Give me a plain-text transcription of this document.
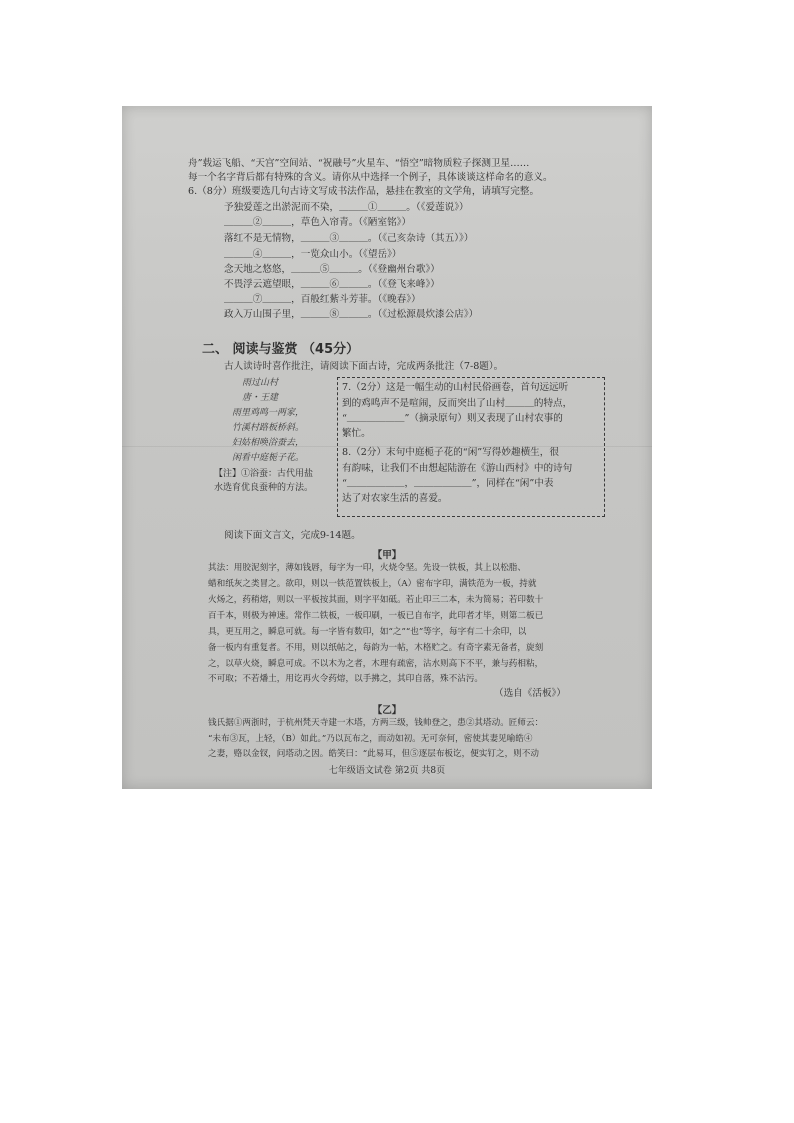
舟”载运飞船、“天宫”空间站、“祝融号”火星车、“悟空”暗物质粒子探测卫星……
每一个名字背后都有特殊的含义。请你从中选择一个例子，具体谈谈这样命名的意义。
6.（8分）班级要选几句古诗文写成书法作品，悬挂在教室的文学角，请填写完整。
予独爱莲之出淤泥而不染，＿＿＿①＿＿＿。（《爱莲说》）
＿＿＿②＿＿＿，草色入帘青。（《陋室铭》）
落红不是无情物，＿＿＿③＿＿＿。（《己亥杂诗（其五）》）
＿＿＿④＿＿＿，一览众山小。（《望岳》）
念天地之悠悠，＿＿＿⑤＿＿＿。（《登幽州台歌》）
不畏浮云遮望眼，＿＿＿⑥＿＿＿。（《登飞来峰》）
＿＿＿⑦＿＿＿，百般红紫斗芳菲。（《晚春》）
政入万山围子里，＿＿＿⑧＿＿＿。（《过松源晨炊漆公店》）
二、 阅读与鉴赏 （45分）
古人读诗时喜作批注，请阅读下面古诗，完成两条批注（7-8题）。
雨过山村
唐・王建
雨里鸡鸣一两家，
竹溪村路板桥斜。
妇姑相唤浴蚕去，
闲看中庭栀子花。
【注】①浴蚕：古代用盐
水选育优良蚕种的方法。
7.（2分）这是一幅生动的山村民俗画卷，首句远远听
到的鸡鸣声不是喧闹，反而突出了山村＿＿＿的特点，
“＿＿＿＿＿＿”（摘录原句）则又表现了山村农事的
繁忙。
8.（2分）末句中庭栀子花的“闲”写得妙趣横生，很
有韵味，让我们不由想起陆游在《游山西村》中的诗句
“＿＿＿＿＿＿，＿＿＿＿＿＿”，同样在“闲”中表
达了对农家生活的喜爱。
阅读下面文言文，完成9-14题。
【甲】
其法：用胶泥刻字，薄如钱唇，每字为一印，火烧令坚。先设一铁板，其上以松脂、
蜡和纸灰之类冒之。欲印，则以一铁范置铁板上，（A）密布字印，满铁范为一板，持就
火炀之，药稍熔，则以一平板按其面，则字平如砥。若止印三二本，未为简易；若印数十
百千本，则极为神速。常作二铁板，一板印刷，一板已自布字，此印者才毕，则第二板已
具，更互用之，瞬息可就。每一字皆有数印，如“之”“也”等字，每字有二十余印，以
备一板内有重复者。不用，则以纸帖之，每韵为一帖，木格贮之。有奇字素无备者，旋刻
之，以草火烧，瞬息可成。不以木为之者，木理有疏密，沾水则高下不平，兼与药相粘，
不可取；不若燔土，用讫再火令药熔，以手拂之，其印自落，殊不沾污。
（选自《活板》）
【乙】
钱氏据①两浙时，于杭州梵天寺建一木塔，方两三级，钱帅登之，患②其塔动。匠师云：
“未布③瓦，上轻，（B）如此。”乃以瓦布之，而动如初。无可奈何，密使其妻见喻皓④
之妻，赂以金钗，问塔动之因。皓笑曰：“此易耳，但⑤逐层布板讫，便实钉之，则不动
七年级语文试卷 第2页 共8页
